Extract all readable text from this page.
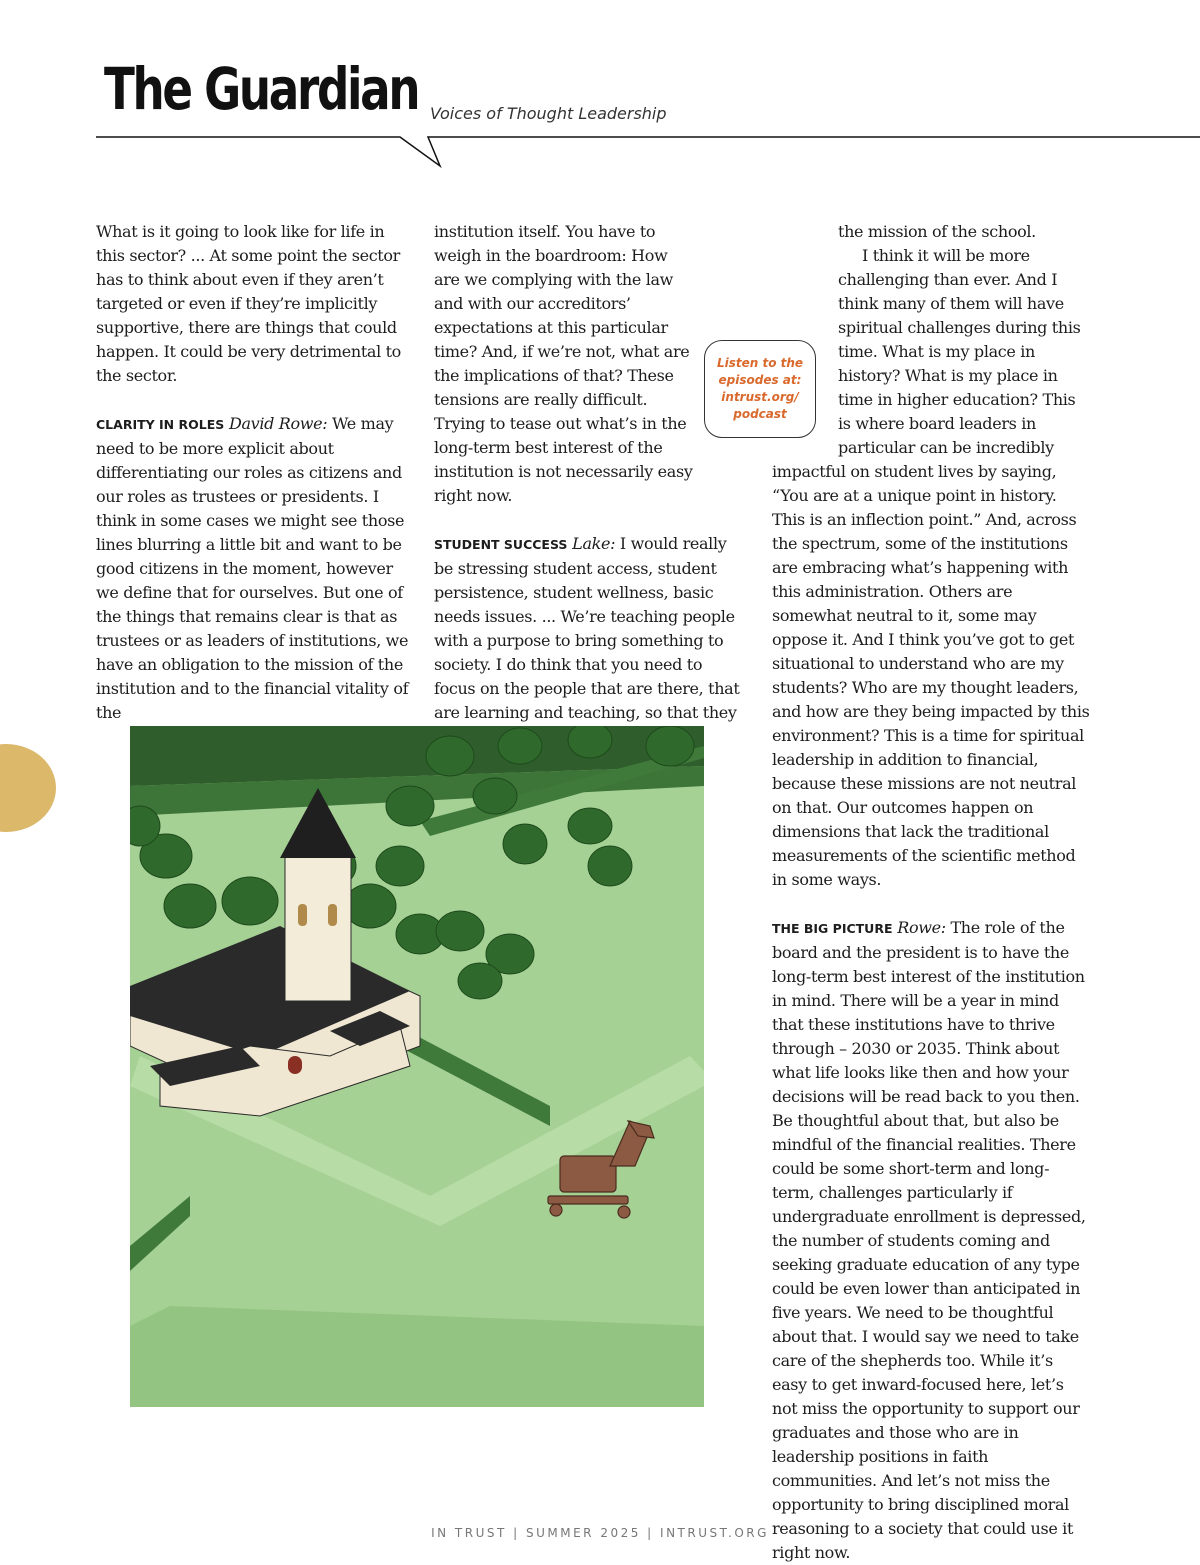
The Guardian Voices of Thought Leadership

What is it going to look like for life in this sector? ... At some point the sector has to think about even if they aren’t targeted or even if they’re implicitly supportive, there are things that could happen. It could be very detrimental to the sector.

CLARITY IN ROLES David Rowe: We may need to be more explicit about differentiating our roles as citizens and our roles as trustees or presidents. I think in some cases we might see those lines blurring a little bit and want to be good citizens in the moment, however we define that for ourselves. But one of the things that remains clear is that as trustees or as leaders of institutions, we have an obligation to the mission of the institution and to the financial vitality of the

institution itself. You have to weigh in the boardroom: How are we complying with the law and with our accreditors’ expectations at this particular time? And, if we’re not, what are the implications of that? These tensions are really difficult. Trying to tease out what’s in the long-term best interest of the institution is not necessarily easy right now.

STUDENT SUCCESS Lake: I would really be stressing student access, student persistence, student wellness, basic needs issues. ... We’re teaching people with a purpose to bring something to society. I do think that you need to focus on the people that are there, that are learning and teaching, so that they

Listen to the episodes at: intrust.org/ podcast

the mission of the school.

I think it will be more challenging than ever. And I think many of them will have spiritual challenges during this time. What is my place in history? What is my place in time in higher education? This is where board leaders in particular can be incredibly impactful on student lives by saying, “You are at a unique point in history. This is an inflection point.” And, across the spectrum, some of the institutions are embracing what’s happening with this administration. Others are somewhat neutral to it, some may oppose it. And I think you’ve got to get situational to understand who are my students? Who are my thought leaders, and how are they being impacted by this environment? This is a time for spiritual leadership in addition to financial, because these missions are not neutral on that. Our outcomes happen on dimensions that lack the traditional measurements of the scientific method in some ways.

THE BIG PICTURE Rowe: The role of the board and the president is to have the long-term best interest of the institution in mind. There will be a year in mind that these institutions have to thrive through – 2030 or 2035. Think about what life looks like then and how your decisions will be read back to you then. Be thoughtful about that, but also be mindful of the financial realities. There could be some short-term and long-term, challenges particularly if undergraduate enrollment is depressed, the number of students coming and seeking graduate education of any type could be even lower than anticipated in five years. We need to be thoughtful about that. I would say we need to take care of the shepherds too. While it’s easy to get inward-focused here, let’s not miss the opportunity to support our graduates and those who are in leadership positions in faith communities. And let’s not miss the opportunity to bring disciplined moral reasoning to a society that could use it right now.

IN TRUST | SUMMER 2025 | INTRUST.ORG
